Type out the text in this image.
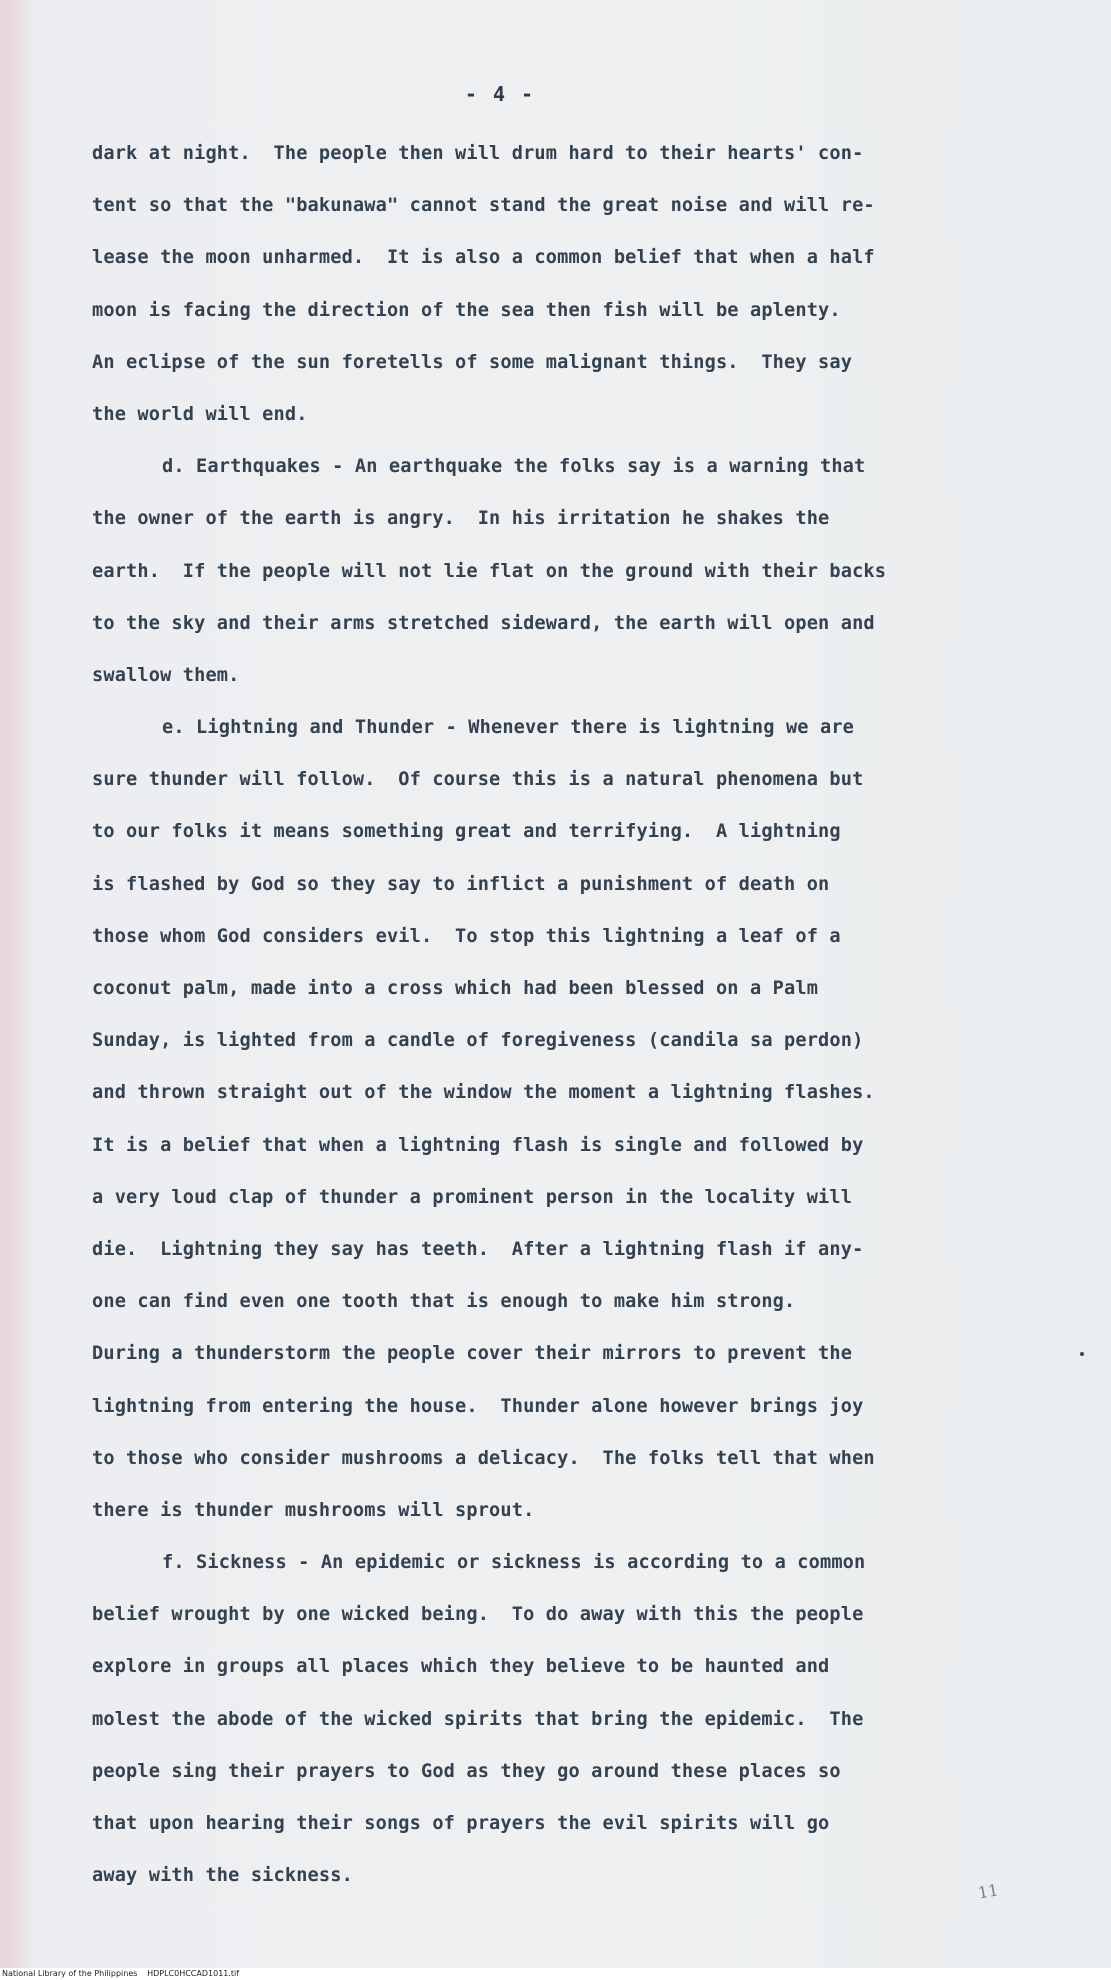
- 4 -
dark at night.  The people then will drum hard to their hearts' con-
tent so that the "bakunawa" cannot stand the great noise and will re-
lease the moon unharmed.  It is also a common belief that when a half
moon is facing the direction of the sea then fish will be aplenty.
An eclipse of the sun foretells of some malignant things.  They say
the world will end.
d. Earthquakes - An earthquake the folks say is a warning that
the owner of the earth is angry.  In his irritation he shakes the
earth.  If the people will not lie flat on the ground with their backs
to the sky and their arms stretched sideward, the earth will open and
swallow them.
e. Lightning and Thunder - Whenever there is lightning we are
sure thunder will follow.  Of course this is a natural phenomena but
to our folks it means something great and terrifying.  A lightning
is flashed by God so they say to inflict a punishment of death on
those whom God considers evil.  To stop this lightning a leaf of a
coconut palm, made into a cross which had been blessed on a Palm
Sunday, is lighted from a candle of foregiveness (candila sa perdon)
and thrown straight out of the window the moment a lightning flashes.
It is a belief that when a lightning flash is single and followed by
a very loud clap of thunder a prominent person in the locality will
die.  Lightning they say has teeth.  After a lightning flash if any-
one can find even one tooth that is enough to make him strong.
During a thunderstorm the people cover their mirrors to prevent the
lightning from entering the house.  Thunder alone however brings joy
to those who consider mushrooms a delicacy.  The folks tell that when
there is thunder mushrooms will sprout.
f. Sickness - An epidemic or sickness is according to a common
belief wrought by one wicked being.  To do away with this the people
explore in groups all places which they believe to be haunted and
molest the abode of the wicked spirits that bring the epidemic.  The
people sing their prayers to God as they go around these places so
that upon hearing their songs of prayers the evil spirits will go
away with the sickness.
11
National Library of the Philippines HDPLC0HCCAD1011.tif
